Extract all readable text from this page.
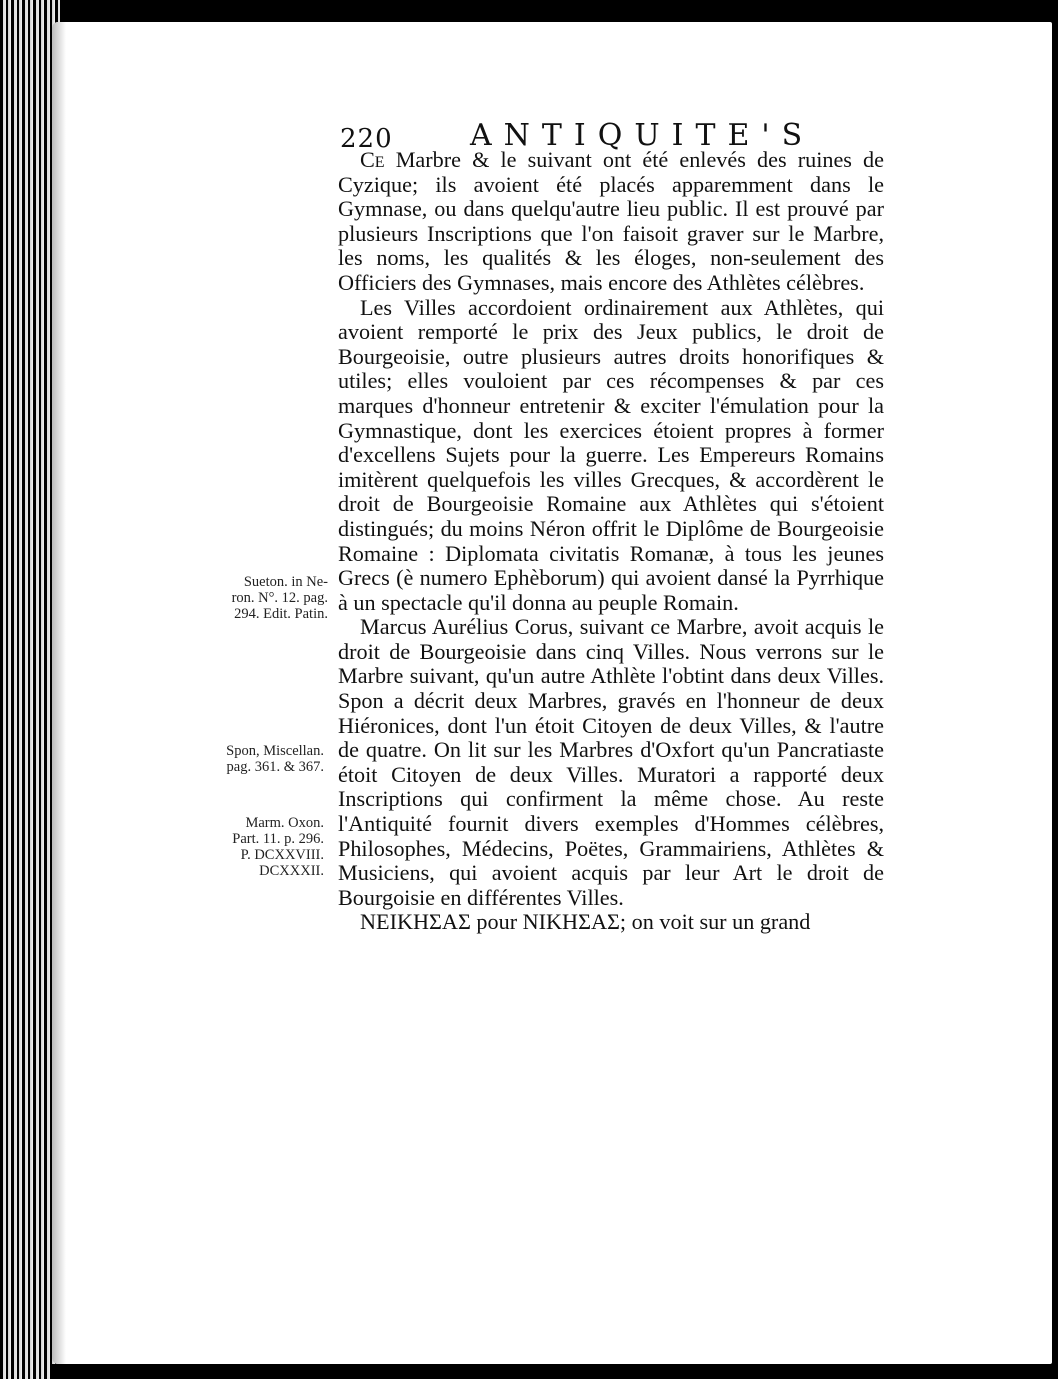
220	ANTIQUITE'S

Ce Marbre & le suivant ont été enlevés des ruines de Cyzique; ils avoient été placés apparemment dans le Gymnase, ou dans quelqu'autre lieu public. Il est prouvé par plusieurs Inscriptions que l'on faisoit graver sur le Marbre, les noms, les qualités & les éloges, non-seulement des Officiers des Gymnases, mais encore des Athlètes célèbres.

Les Villes accordoient ordinairement aux Athlètes, qui avoient remporté le prix des Jeux publics, le droit de Bourgeoisie, outre plusieurs autres droits honorifiques & utiles; elles vouloient par ces récompenses & par ces marques d'honneur entretenir & exciter l'émulation pour la Gymnastique, dont les exercices étoient propres à former d'excellens Sujets pour la guerre. Les Empereurs Romains imitèrent quelquefois les villes Grecques, & accordèrent le droit de Bourgeoisie Romaine aux Athlètes qui s'étoient distingués; du moins Néron offrit le Diplôme de Bourgeoisie Romaine : Diplomata civitatis Romanæ, à tous les jeunes Grecs (è numero Ephèborum) qui avoient dansé la Pyrrhique à un spectacle qu'il donna au peuple Romain.

Marcus Aurélius Corus, suivant ce Marbre, avoit acquis le droit de Bourgeoisie dans cinq Villes. Nous verrons sur le Marbre suivant, qu'un autre Athlète l'obtint dans deux Villes. Spon a décrit deux Marbres, gravés en l'honneur de deux Hiéronices, dont l'un étoit Citoyen de deux Villes, & l'autre de quatre. On lit sur les Marbres d'Oxfort qu'un Pancratiaste étoit Citoyen de deux Villes. Muratori a rapporté deux Inscriptions qui confirment la même chose. Au reste l'Antiquité fournit divers exemples d'Hommes célèbres, Philosophes, Médecins, Poëtes, Grammairiens, Athlètes & Musiciens, qui avoient acquis par leur Art le droit de Bourgoisie en différentes Villes.

ΝΕΙΚΗΣΑΣ pour ΝΙΚΗΣΑΣ; on voit sur un grand

Sueton. in Ne-
ron. N°. 12. pag.
294. Edit. Patin.
Spon, Miscellan.
pag. 361. & 367.
Marm. Oxon.
Part. 11. p. 296.
P. DCXXVIII.
DCXXXII.
